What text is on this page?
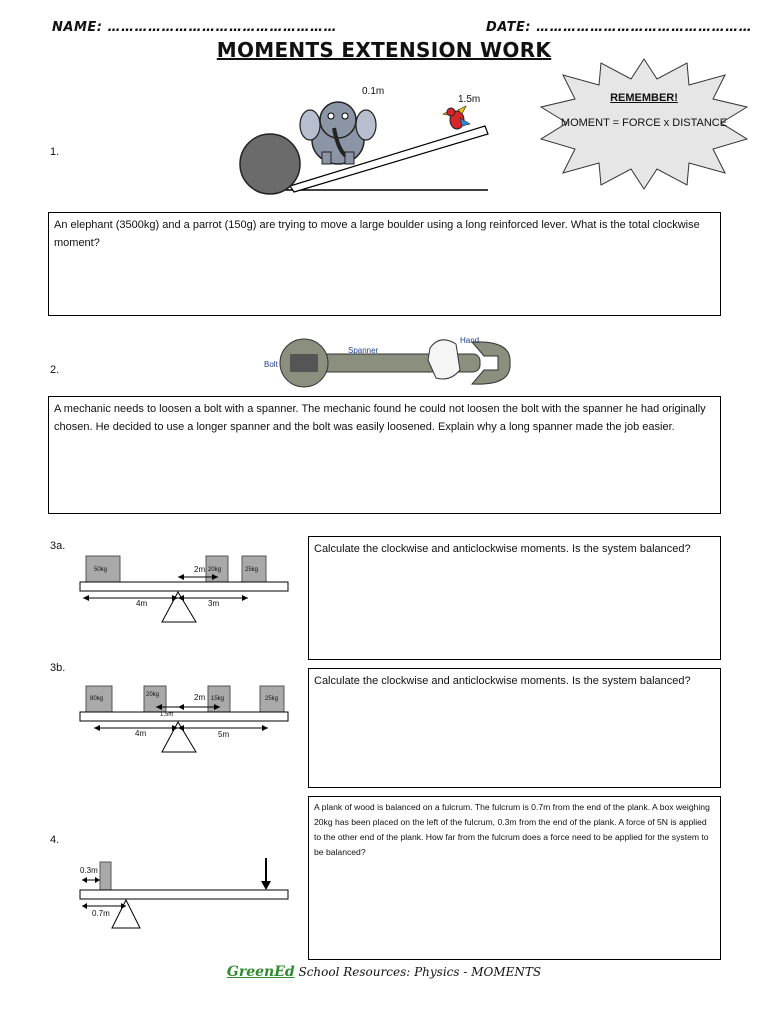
NAME: ……………………………………………	DATE: …………………………………………
MOMENTS EXTENSION WORK
REMEMBER!
MOMENT = FORCE x DISTANCE
1.
0.1m
1.5m
An elephant (3500kg) and a parrot (150g) are trying to move a large boulder using a long reinforced lever. What is the total clockwise moment?
2.	Bolt
Spanner
Hand
A mechanic needs to loosen a bolt with a spanner. The mechanic found he could not loosen the bolt with the spanner he had originally chosen. He decided to use a longer spanner and the bolt was easily loosened. Explain why a long spanner made the job easier.
3a.
50kg	20kg	25kg
2m
4m	3m
Calculate the clockwise and anticlockwise moments. Is the system balanced?
3b.
80kg
20kg
15kg	25kg
2m
1.5m
4m	5m
Calculate the clockwise and anticlockwise moments. Is the system balanced?
4.
0.3m
0.7m
A plank of wood is balanced on a fulcrum. The fulcrum is 0.7m from the end of the plank. A box weighing 20kg has been placed on the left of the fulcrum, 0.3m from the end of the plank. A force of 5N is applied to the other end of the plank. How far from the fulcrum does a force need to be applied for the system to be balanced?
GreenEd School Resources: Physics - MOMENTS
